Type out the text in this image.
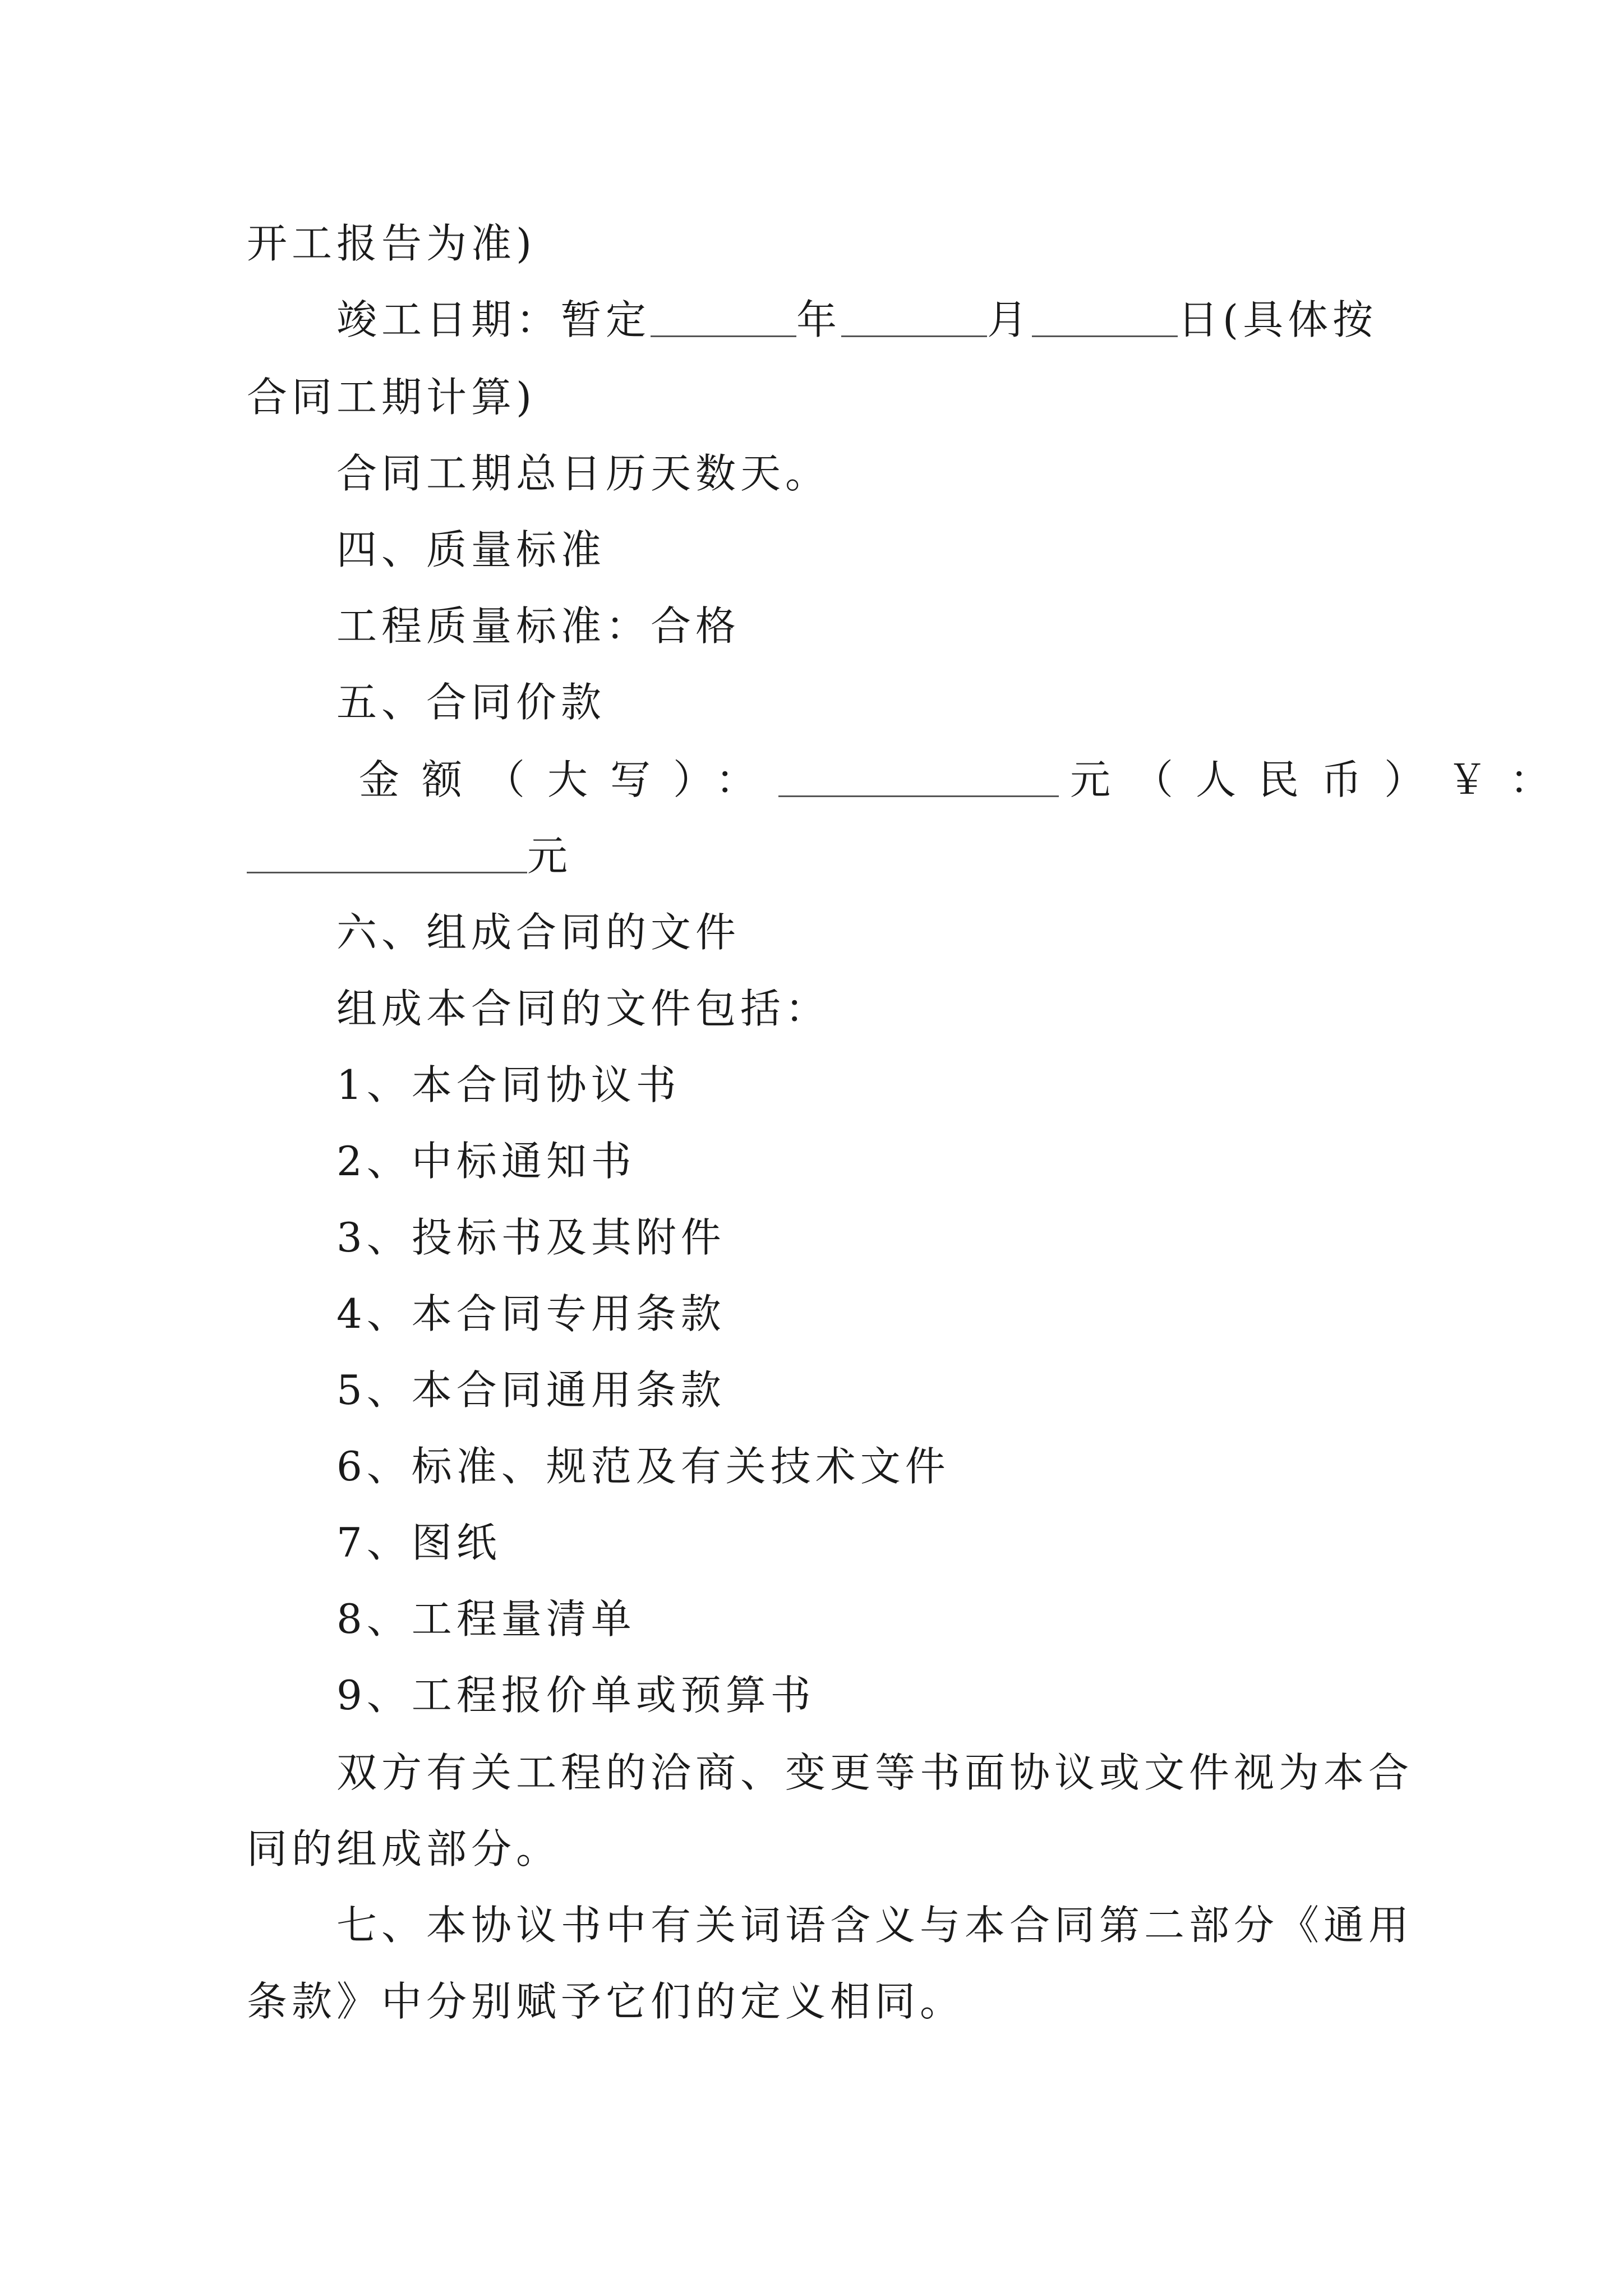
开工报告为准)
竣工日期：暂定	年	月	日(具体按
合同工期计算)
合同工期总日历天数天。
四、质量标准
工程质量标准：合格
五、合同价款
金额（大写）：	元（人民币）￥：
元
六、组成合同的文件
组成本合同的文件包括：
1、本合同协议书
2、中标通知书
3、投标书及其附件
4、本合同专用条款
5、本合同通用条款
6、标准、规范及有关技术文件
7、图纸
8、工程量清单
9、工程报价单或预算书
双方有关工程的洽商、变更等书面协议或文件视为本合
同的组成部分。
七、本协议书中有关词语含义与本合同第二部分《通用
条款》中分别赋予它们的定义相同。
